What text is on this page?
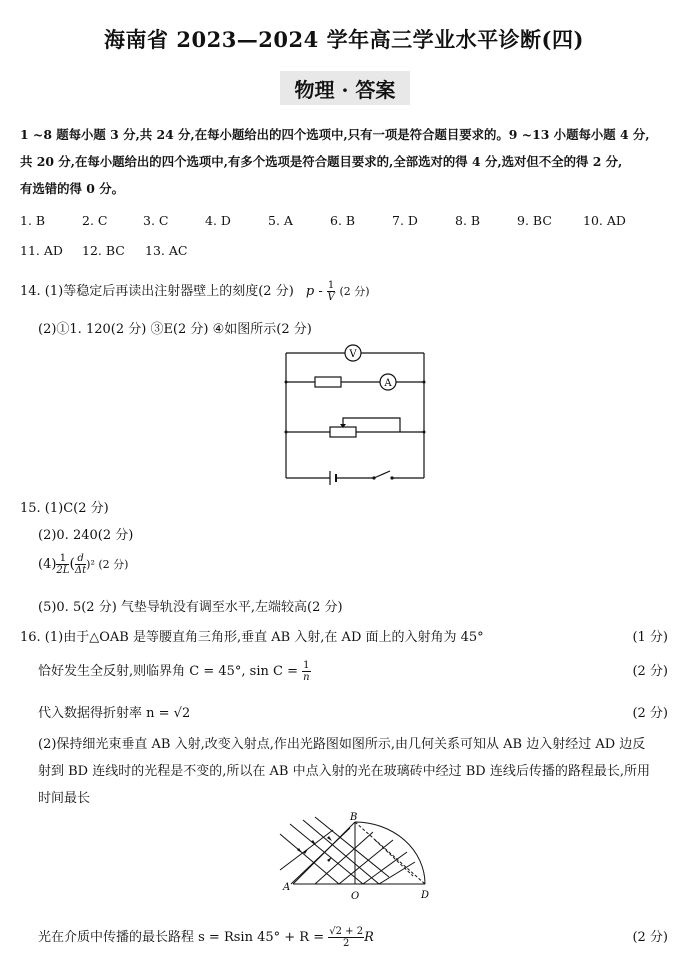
海南省 2023—2024 学年高三学业水平诊断(四)
物理 · 答案
1 ~8 题每小题 3 分,共 24 分,在每小题给出的四个选项中,只有一项是符合题目要求的。9 ~13 小题每小题 4 分,
共 20 分,在每小题给出的四个选项中,有多个选项是符合题目要求的,全部选对的得 4 分,选对但不全的得 2 分,
有选错的得 0 分。
1. B	2. C	3. C	4. D	5. A	6. B	7. D	8. B	9. BC 10. AD
11. AD 12. BC 13. AC
14. (1)等稳定后再读出注射器壁上的刻度(2 分) p - $\frac{1}{V} (2$ 分)
(2)①1. 120(2 分) ③E(2 分) ④如图所示(2 分)
V
A
15. (1)C(2 分)
(2)0. 240(2 分)
$(4) \frac{1}{2L}$ ( $\frac{d}{\Delta t} )^2$ (2 分)
(5)0. 5(2 分) 气垫导轨没有调至水平,左端较高(2 分)
16. (1)由于△OAB 是等腰直角三角形,垂直 AB 入射,在 AD 面上的入射角为 45°	(1 分)
恰好发生全反射,则临界角 C = 45°, $\sin C = \frac{1}{n}$	(2 分)
代入数据得折射率 n = √2	(2 分)
(2)保持细光束垂直 AB 入射,改变入射点,作出光路图如图所示,由几何关系可知从 AB 边入射经过 AD 边反
射到 BD 连线时的光程是不变的,所以在 AB 中点入射的光在玻璃砖中经过 BD 连线后传播的路程最长,所用
时间最长
B
A
O	D
光在介质中传播的最长路程 s = Rsin $45^\circ + R = \frac{√2 + 2}{2}$ R	(2 分)
